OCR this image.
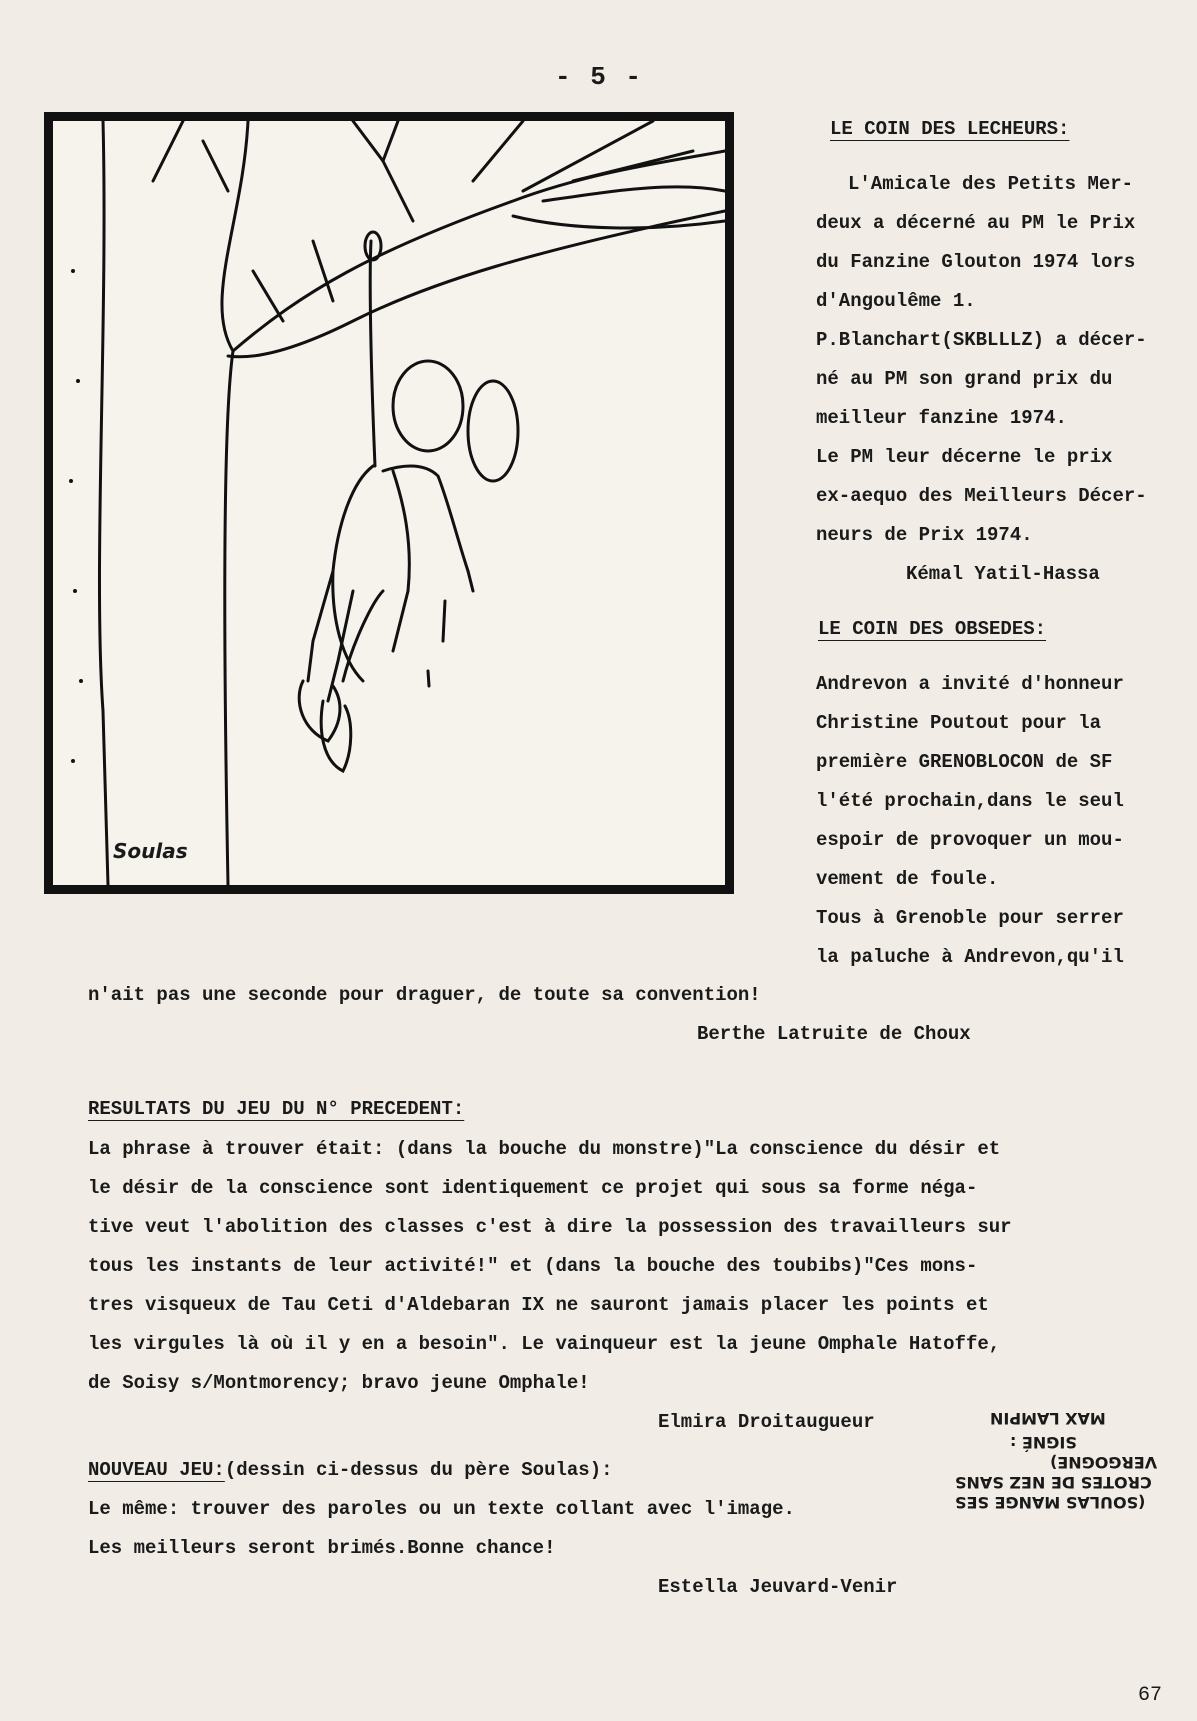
- 5 -
Soulas
LE COIN DES LECHEURS:
L'Amicale des Petits Mer-
deux a décerné au PM le Prix
du Fanzine Glouton 1974 lors
d'Angoulême 1.
P.Blanchart(SKBLLLZ) a décer-
né au PM son grand prix du
meilleur fanzine 1974.
Le PM leur décerne le prix
ex-aequo des Meilleurs Décer-
neurs de Prix 1974.
Kémal Yatil-Hassa
LE COIN DES OBSEDES:
Andrevon a invité d'honneur
Christine Poutout pour la
première GRENOBLOCON de SF
l'été prochain,dans le seul
espoir de provoquer un mou-
vement de foule.
Tous à Grenoble pour serrer
la paluche à Andrevon,qu'il
n'ait pas une seconde pour draguer, de toute sa convention!
Berthe Latruite de Choux
RESULTATS DU JEU DU N° PRECEDENT:
La phrase à trouver était: (dans la bouche du monstre)"La conscience du désir et
le désir de la conscience sont identiquement ce projet qui sous sa forme néga-
tive veut l'abolition des classes c'est à dire la possession des travailleurs sur
tous les instants de leur activité!" et (dans la bouche des toubibs)"Ces mons-
tres visqueux de Tau Ceti d'Aldebaran IX ne sauront jamais placer les points et
les virgules là où il y en a besoin". Le vainqueur est la jeune Omphale Hatoffe,
de Soisy s/Montmorency; bravo jeune Omphale!
Elmira Droitaugueur
NOUVEAU JEU:(dessin ci-dessus du père Soulas):
Le même: trouver des paroles ou un texte collant avec l'image.
Les meilleurs seront brimés.Bonne chance!
Estella Jeuvard-Venir
MAX LAMPIN
SIGNÉ :
VERGOGNE)
CROTES DE NEZ SANS
(SOULAS MANGE SES
67
